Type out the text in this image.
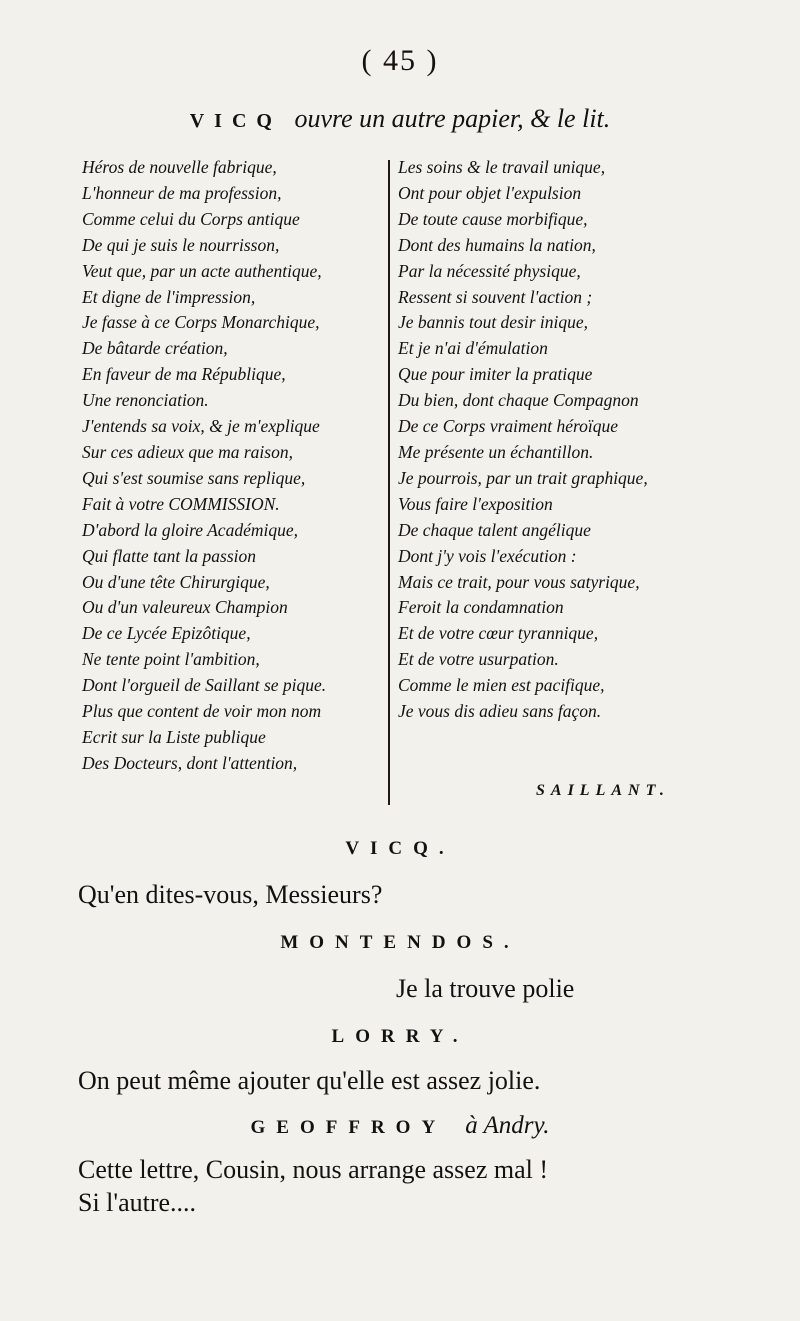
( 45 )
VICQ ouvre un autre papier, & le lit.
Héros de nouvelle fabrique,
L'honneur de ma profession,
Comme celui du Corps antique
De qui je suis le nourrisson,
Veut que, par un acte authentique,
Et digne de l'impression,
Je fasse à ce Corps Monarchique,
De bâtarde création,
En faveur de ma République,
Une renonciation.
J'entends sa voix, & je m'explique
Sur ces adieux que ma raison,
Qui s'est soumise sans replique,
Fait à votre COMMISSION.
D'abord la gloire Académique,
Qui flatte tant la passion
Ou d'une tête Chirurgique,
Ou d'un valeureux Champion
De ce Lycée Epizôtique,
Ne tente point l'ambition,
Dont l'orgueil de Saillant se pique.
Plus que content de voir mon nom
Ecrit sur la Liste publique
Des Docteurs, dont l'attention,
Les soins & le travail unique,
Ont pour objet l'expulsion
De toute cause morbifique,
Dont des humains la nation,
Par la nécessité physique,
Ressent si souvent l'action ;
Je bannis tout desir inique,
Et je n'ai d'émulation
Que pour imiter la pratique
Du bien, dont chaque Compagnon
De ce Corps vraiment héroïque
Me présente un échantillon.
Je pourrois, par un trait graphique,
Vous faire l'exposition
De chaque talent angélique
Dont j'y vois l'exécution :
Mais ce trait, pour vous satyrique,
Feroit la condamnation
Et de votre cœur tyrannique,
Et de votre usurpation.
Comme le mien est pacifique,
Je vous dis adieu sans façon.
SAILLANT.
VICQ.
Qu'en dites-vous, Messieurs?
MONTENDOS.
Je la trouve polie
LORRY.
On peut même ajouter qu'elle est assez jolie.
GEOFFROY à Andry.
Cette lettre, Cousin, nous arrange assez mal !
Si l'autre....
